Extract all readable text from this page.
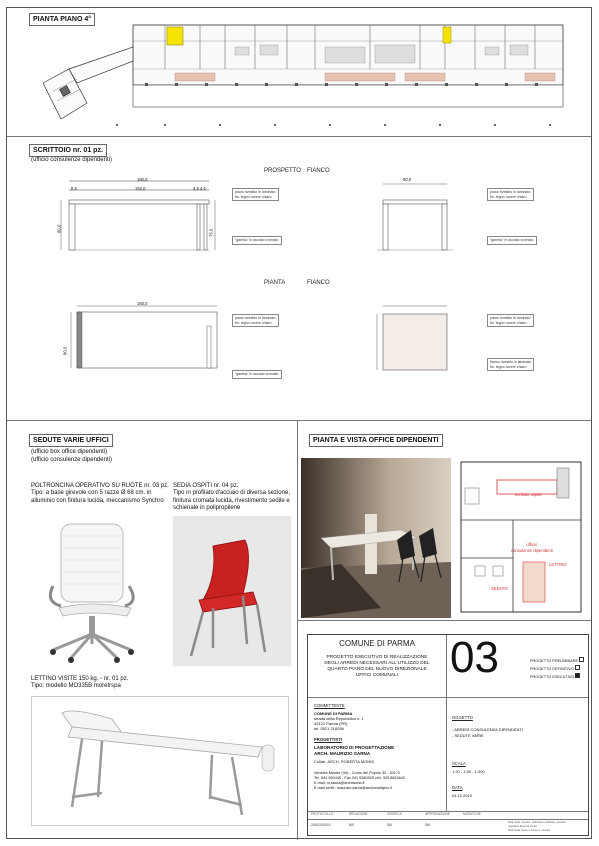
PIANTA PIANO 4°
SCRITTOIO nr. 01 pz.
(ufficio consulenze dipendenti)
PROSPETTO FIANCO
PIANTA	FIANCO
160,0
8,5	152,0	4,5 4,5
80,0	75,0
piano rivestito in laminato
fin. legno rovere chiaro
"gamba" in acciaio cromato
80,0
piano rivestito in laminato
fin. legno rovere chiaro
"gamba" in acciaio cromato
160,0
80,0
piano rivestito in laminato
fin. legno rovere chiaro
"gamba" in acciaio cromato
piano rivestito in laminato
fin. legno rovere chiaro
fianco rivestito in laminato
fin. legno rovere chiaro
SEDUTE VARIE UFFICI
(ufficio box office dipendenti)
(ufficio consulenze dipendenti)
POLTRONCINA OPERATIVO SU RUOTE nr. 03 pz.
Tipo: a base girevole con 5 razze Ø 68 cm. in alluminio con finitura lucida, meccanismo Synchro
SEDIA OSPITI nr. 04 pz.
Tipo in profilato d'acciaio di diversa sezione, finitura cromata lucida, rivestimento sedile e schienale in polipropilene
LETTINO VISITE 150 kg. - nr. 01 pz.
Tipo: modello MO335B moretrspa
PIANTA E VISTA OFFICE DIPENDENTI
scrittoio ospite
ufficio
consulenze dipendenti
LETTINO
SEDUTE
COMUNE DI PARMA
PROGETTO ESECUTIVO DI REALIZZAZIONE
DEGLI ARREDI NECESSARI ALL'UTILIZZO DEL
QUARTO PIANO DEL NUOVO DIREZIONALE
UFFICI COMUNALI	03	PROGETTO PRELIMINARE
PROGETTO DEFINITIVO
PROGETTO ESECUTIVO
COMMITTENTE
COMUNE DI PARMA
strada della Repubblica n. 1
43121 Parma (PR)
tel. 0521 218286
PROGETTISTI
LABORATORIO DI PROGETTAZIONE
ARCH. MAURIZIO SARNA
Collab. ARCH. ROBERTA MONDI
Venezia-Mestre (Ve) - Corso del Popolo 32 - 30172
Tel. 041 950445 - Fax 041 5380929 cell. 329 8624642
E.mail. m.sarna@archiworld.it
E.mail certif.: maurizio.sarna@archiworldpec.it
OGGETTO
- ARREDI CONSULENZA DIPENDENTI
- SEDUTE VARIE
SCALA
1:20 - 1:50 - 1:300
DATA
04.10.2010
PROTOCOLLO	REDAZIONE	VERIFICA	APPROVAZIONE	MODIFICHE
2010/2010/10	MS	SM	SM
Dati sulle misure; utilizzare software quanto
regolare licenza d'uso
Dati sulle fonte e fonte e misura
